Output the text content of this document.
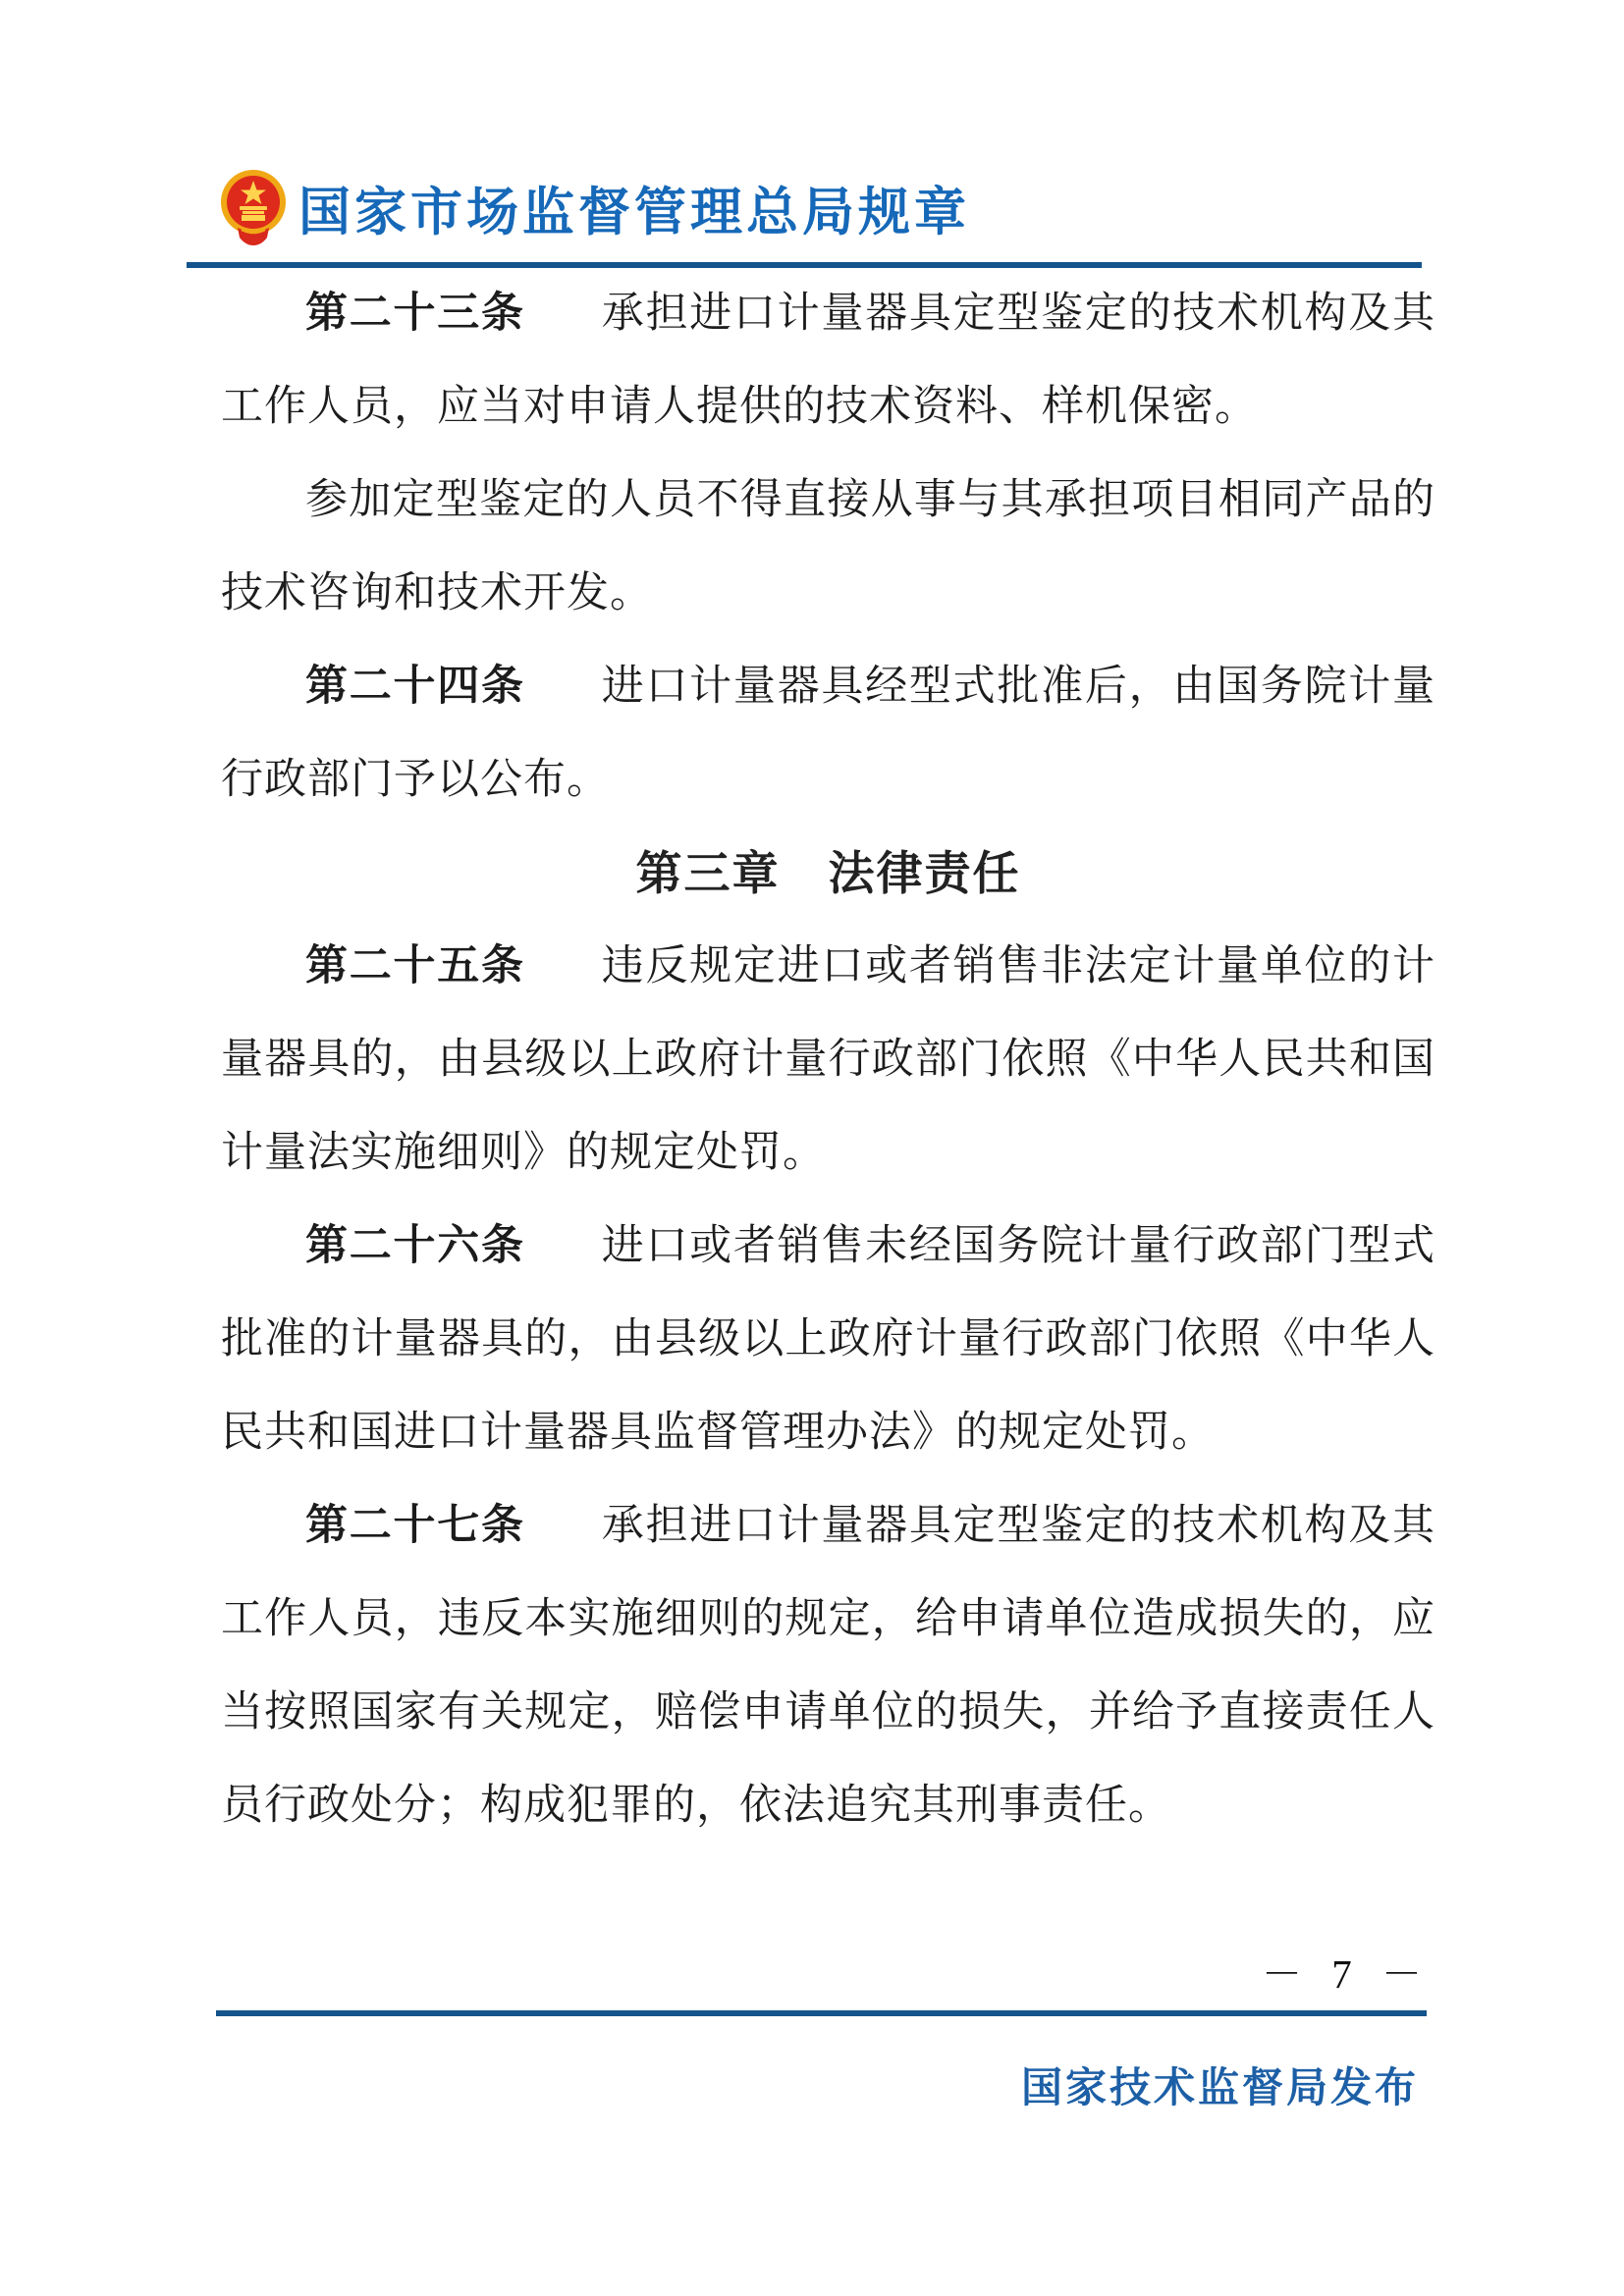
国家市场监督管理总局规章

第二十三条 承担进口计量器具定型鉴定的技术机构及其工作人员，应当对申请人提供的技术资料、样机保密。

参加定型鉴定的人员不得直接从事与其承担项目相同产品的技术咨询和技术开发。

第二十四条 进口计量器具经型式批准后，由国务院计量行政部门予以公布。

第三章　法律责任

第二十五条 违反规定进口或者销售非法定计量单位的计量器具的，由县级以上政府计量行政部门依照《中华人民共和国计量法实施细则》的规定处罚。

第二十六条 进口或者销售未经国务院计量行政部门型式批准的计量器具的，由县级以上政府计量行政部门依照《中华人民共和国进口计量器具监督管理办法》的规定处罚。

第二十七条 承担进口计量器具定型鉴定的技术机构及其工作人员，违反本实施细则的规定，给申请单位造成损失的，应当按照国家有关规定，赔偿申请单位的损失，并给予直接责任人员行政处分；构成犯罪的，依法追究其刑事责任。

－ 7 －
国家技术监督局发布
